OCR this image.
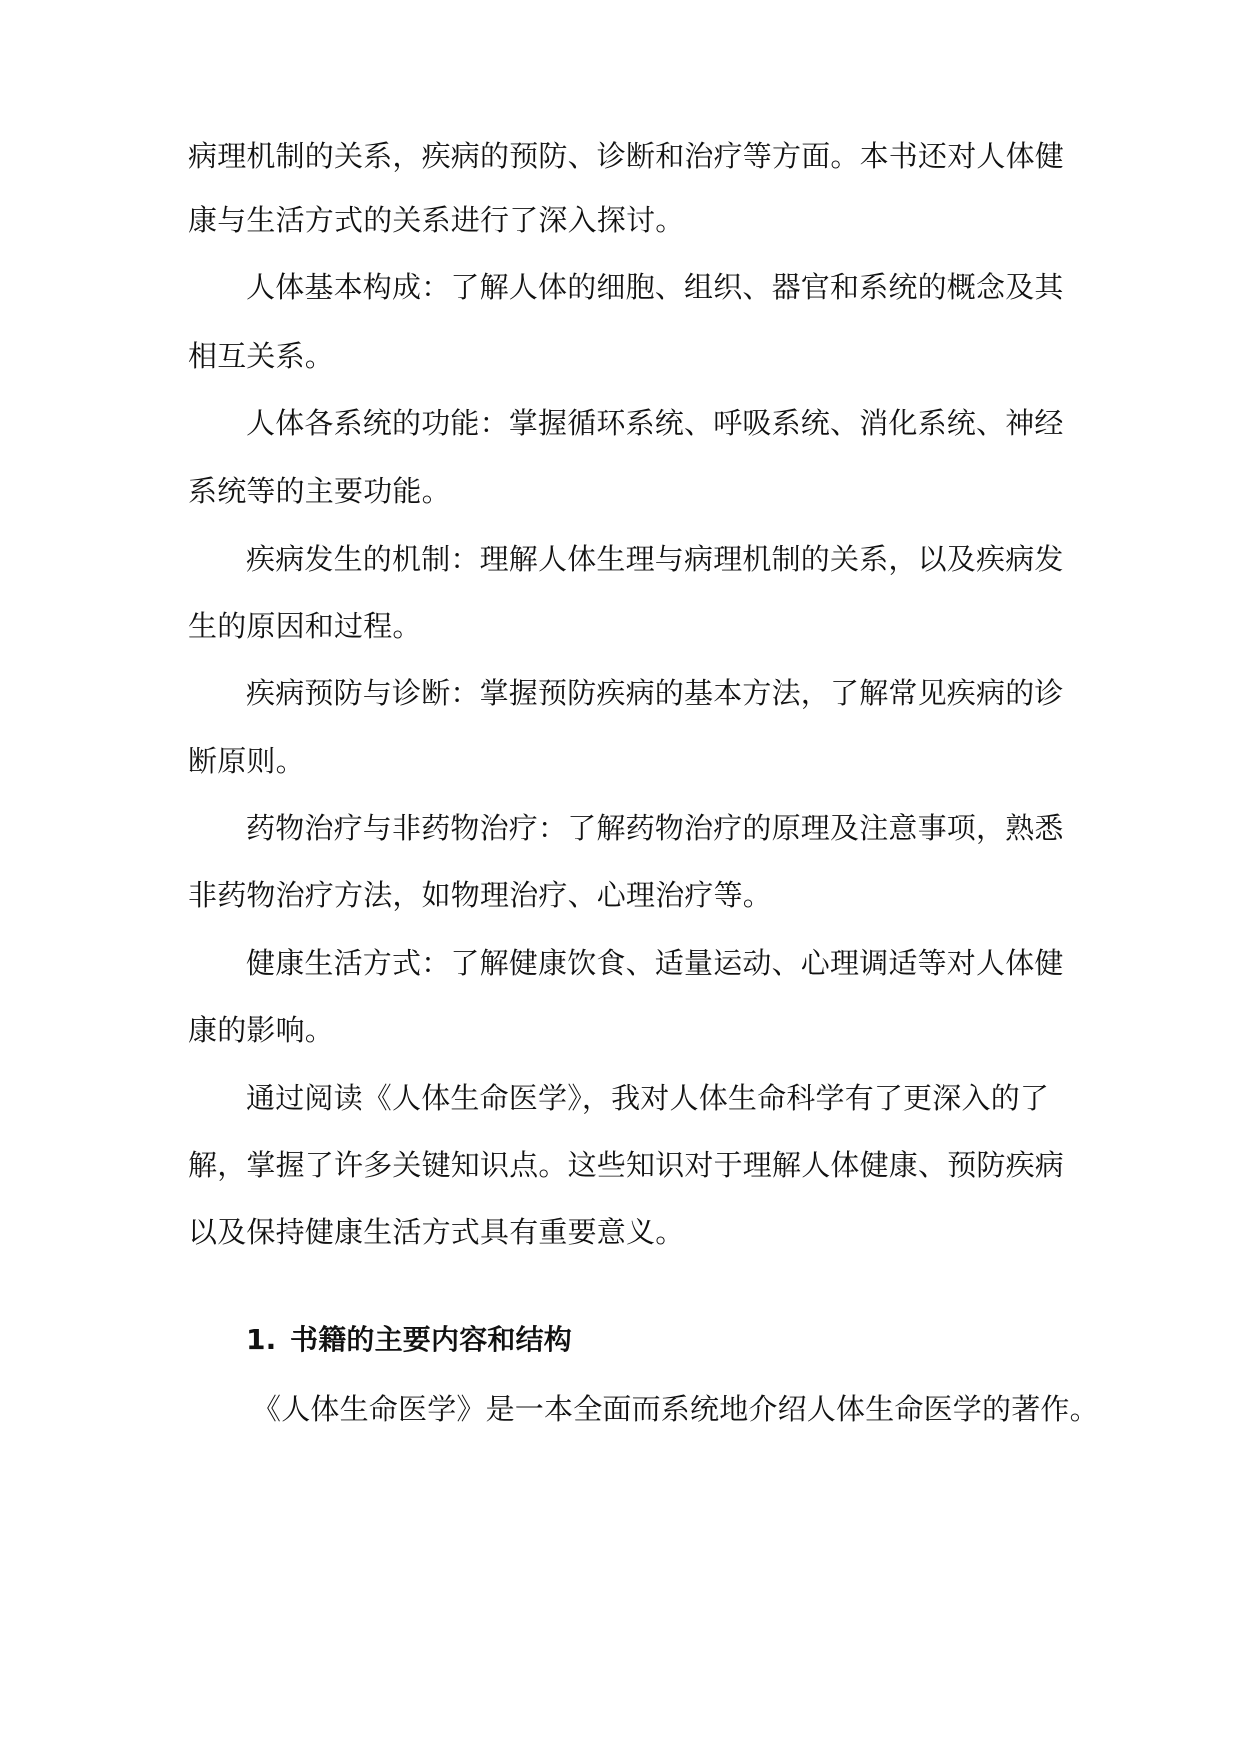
病理机制的关系，疾病的预防、诊断和治疗等方面。本书还对人体健
康与生活方式的关系进行了深入探讨。
人体基本构成：了解人体的细胞、组织、器官和系统的概念及其
相互关系。
人体各系统的功能：掌握循环系统、呼吸系统、消化系统、神经
系统等的主要功能。
疾病发生的机制：理解人体生理与病理机制的关系，以及疾病发
生的原因和过程。
疾病预防与诊断：掌握预防疾病的基本方法，了解常见疾病的诊
断原则。
药物治疗与非药物治疗：了解药物治疗的原理及注意事项，熟悉
非药物治疗方法，如物理治疗、心理治疗等。
健康生活方式：了解健康饮食、适量运动、心理调适等对人体健
康的影响。
通过阅读《人体生命医学》，我对人体生命科学有了更深入的了
解，掌握了许多关键知识点。这些知识对于理解人体健康、预防疾病
以及保持健康生活方式具有重要意义。
1. 书籍的主要内容和结构
《人体生命医学》是一本全面而系统地介绍人体生命医学的著作。
